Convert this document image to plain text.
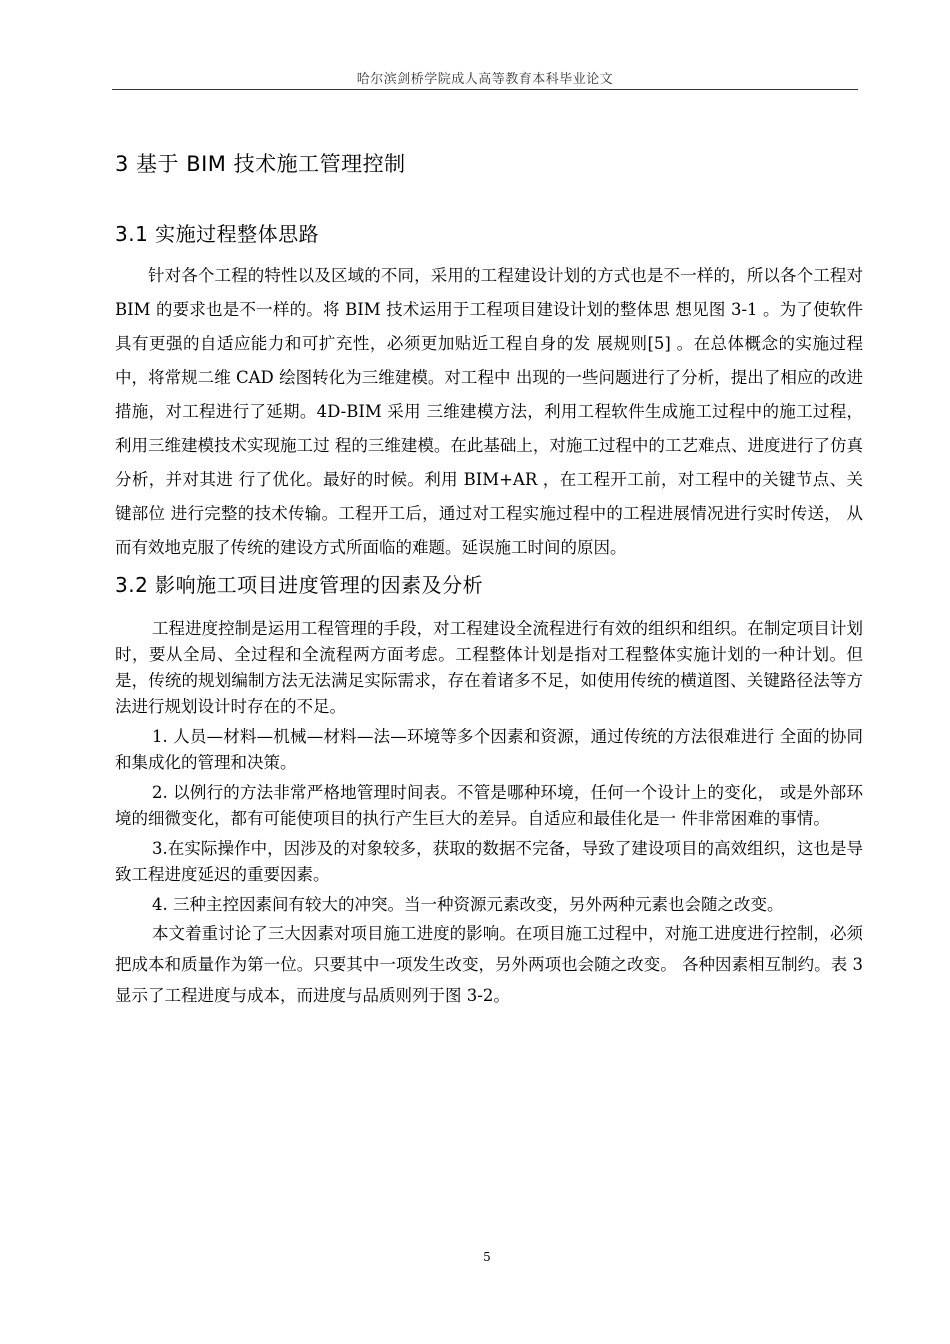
哈尔滨剑桥学院成人高等教育本科毕业论文
3 基于 BIM 技术施工管理控制
3.1 实施过程整体思路

针对各个工程的特性以及区域的不同，采用的工程建设计划的方式也是不一样的，所以各个工程对 BIM 的要求也是不一样的。将 BIM 技术运用于工程项目建设计划的整体思 想见图 3-1 。为了使软件具有更强的自适应能力和可扩充性，必须更加贴近工程自身的发 展规则[5] 。在总体概念的实施过程中，将常规二维 CAD 绘图转化为三维建模。对工程中 出现的一些问题进行了分析，提出了相应的改进措施，对工程进行了延期。4D-BIM 采用 三维建模方法，利用工程软件生成施工过程中的施工过程，利用三维建模技术实现施工过 程的三维建模。在此基础上，对施工过程中的工艺难点、进度进行了仿真分析，并对其进 行了优化。最好的时候。利用 BIM+AR ，在工程开工前，对工程中的关键节点、关键部位 进行完整的技术传输。工程开工后，通过对工程实施过程中的工程进展情况进行实时传送， 从而有效地克服了传统的建设方式所面临的难题。延误施工时间的原因。

3.2 影响施工项目进度管理的因素及分析

工程进度控制是运用工程管理的手段，对工程建设全流程进行有效的组织和组织。在制定项目计划时，要从全局、全过程和全流程两方面考虑。工程整体计划是指对工程整体实施计划的一种计划。但是，传统的规划编制方法无法满足实际需求，存在着诸多不足，如使用传统的横道图、关键路径法等方法进行规划设计时存在的不足。

1. 人员—材料—机械—材料—法—环境等多个因素和资源，通过传统的方法很难进行 全面的协同和集成化的管理和决策。

2. 以例行的方法非常严格地管理时间表。不管是哪种环境，任何一个设计上的变化， 或是外部环境的细微变化，都有可能使项目的执行产生巨大的差异。自适应和最佳化是一 件非常困难的事情。

3.在实际操作中，因涉及的对象较多，获取的数据不完备，导致了建设项目的高效组织，这也是导致工程进度延迟的重要因素。

4. 三种主控因素间有较大的冲突。当一种资源元素改变，另外两种元素也会随之改变。

本文着重讨论了三大因素对项目施工进度的影响。在项目施工过程中，对施工进度进行控制，必须把成本和质量作为第一位。只要其中一项发生改变，另外两项也会随之改变。 各种因素相互制约。表 3 显示了工程进度与成本，而进度与品质则列于图 3-2。

5
